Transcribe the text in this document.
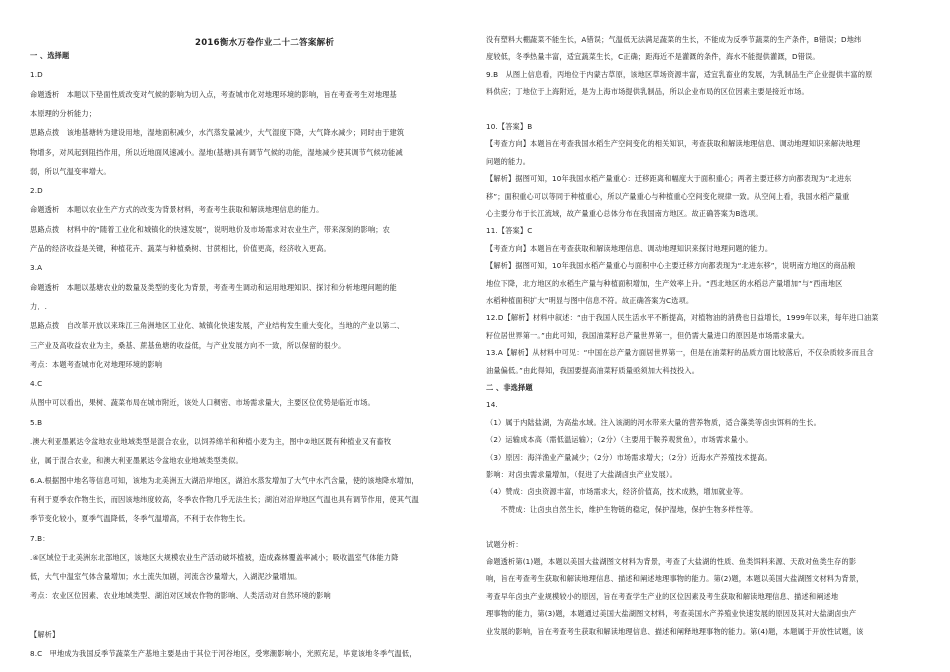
2016衡水万卷作业二十二答案解析
一 、选择题
1.D
命题透析　本题以下垫面性质改变对气候的影响为切入点，考查城市化对地理环境的影响，旨在考查考生对地理基
本原理的分析能力；
思路点拨　该地基塘转为建设用地，湿地面积减少，水汽蒸发量减少，大气湿度下降，大气降水减少；同时由于建筑
物增多，对风起到阻挡作用，所以近地面风速减小。湿地(基塘)具有调节气候的功能，湿地减少使其调节气候功能减
弱，所以气温变率增大。
2.D
命题透析　本题以农业生产方式的改变为背景材料，考查考生获取和解读地理信息的能力。
思路点拨　材料中的“随着工业化和城镇化的快速发展”，说明地价及市场需求对农业生产，带来深刻的影响；农
产品的经济收益是关键，种植花卉、蔬菜与种植桑树、甘蔗相比，价值更高，经济收入更高。
3.A
命题透析　本题以基塘农业的数量及类型的变化为背景，考查考生调动和运用地理知识、探讨和分析地理问题的能
力．.
思路点拨　自改革开放以来珠江三角洲地区工业化、城镇化快速发展，产业结构发生重大变化，当地的产业以第二、
三产业及高收益农业为主，桑基、蔗基鱼塘的收益低，与产业发展方向不一致，所以保留的很少。
考点：本题考查城市化对地理环境的影响
4.C
从图中可以看出，果树、蔬菜布局在城市附近，该处人口稠密、市场需求量大，主要区位优势是临近市场。
5.B
.澳大利亚墨累达令盆地农业地域类型是混合农业，以饲养绵羊和种植小麦为主，图中②地区既有种植业又有畜牧
业，属于混合农业，和澳大利亚墨累达令盆地农业地域类型类似。
6.A.根据图中地名等信息可知，该地为北美洲五大湖沿岸地区，湖泊水蒸发增加了大气中水汽含量，使的该地降水增加，
有利于夏季农作物生长，而因该地纬度较高，冬季农作物几乎无法生长；湖泊对沿岸地区气温也具有调节作用，使其气温
季节变化较小，夏季气温降低，冬季气温增高，不利于农作物生长。
7.B：
.④区域位于北美洲东北部地区，该地区大规模农业生产活动破坏植被，造成森林覆盖率减小；吸收温室气体能力降
低，大气中温室气体含量增加；水土流失加剧，河流含沙量增大，入湖泥沙量增加。
考点：农业区位因素、农业地域类型、湖泊对区域农作物的影响、人类活动对自然环境的影响
【解析】
8.C　甲地成为我国反季节蔬菜生产基地主要是由于其位于河谷地区，受寒潮影响小，光照充足，毕竟该地冬季气温低，
没有塑料大棚蔬菜不能生长，A错误；气温低无法满足蔬菜的生长，不能成为反季节蔬菜的生产条件，B错误；D地纬
度较低，冬季热量丰富，适宜蔬菜生长，C正确；距海近不是灌溉的条件，海水不能提供灌溉，D错误。
9.B　从图上信息看，丙地位于内蒙古草原，该地区草场资源丰富，适宜乳畜业的发展，为乳制品生产企业提供丰富的原
料供应；丁地位于上海附近，是为上海市场提供乳制品，所以企业布局的区位因素主要是接近市场。
10.【答案】B
【考查方向】本题旨在考查我国水稻生产空间变化的相关知识，考查获取和解读地理信息、调动地理知识来解决地理
问题的能力。
【解析】据图可知，10年我国水稻产量重心：迁移距离和幅度大于面积重心；两者主要迁移方向都表现为“北进东
移”；面积重心可以等同于种植重心，所以产量重心与种植重心空间变化规律一致。从空间上看，我国水稻产量重
心主要分布于长江流域，故产量重心总体分布在我国南方地区。故正确答案为B选项。
11.【答案】C
【考查方向】本题旨在考查获取和解读地理信息、调动地理知识来探讨地理问题的能力。
【解析】据图可知，10年我国水稻产量重心与面积中心主要迁移方向都表现为“北进东移”，说明南方地区的商品粮
地位下降，北方地区的水稻生产量与种植面积增加，生产效率上升。“西北地区的水稻总产量增加”与“西南地区
水稻种植面积扩大”明显与图中信息不符。故正确答案为C选项。
12.D【解析】材料中叙述：“由于我国人民生活水平不断提高，对植物油的消费也日益增长，1999年以来，每年进口油菜
籽位居世界第一。”由此可知，我国油菜籽总产量世界第一，但仍需大量进口的原因是市场需求量大。
13.A【解析】从材料中可见：“中国在总产量方面居世界第一，但是在油菜籽的品质方面比较落后，不仅杂质较多而且含
油量偏低。”由此得知，我国要提高油菜籽质量亟须加大科技投入。
二 、非选择题
14.
（1）属于内陆盐湖，为高盐水域。注入该湖的河水带来大量的营养物质，适合藻类等卤虫饵料的生长。
（2）运输成本高（需低温运输）；（2分）（主要用于鞍养观赏鱼），市场需求量小。
（3）原因：海洋渔业产量减少；（2分）市场需求增大；（2分）近海水产养殖技术提高。
影响：对卤虫需求量增加，（促进了大盐湖卤虫产业发展）。
（4）赞成：卤虫资源丰富，市场需求大，经济价值高，技术成熟，增加就业等。
　　不赞成：让卤虫自然生长，维护生物链的稳定，保护湿地，保护生物多样性等。
试题分析：
命题透析第(1)题，本题以美国大盐湖图文材料为背景，考查了大盐湖的性质、鱼类饵料来源、天敌对鱼类生存的影
响，旨在考查考生获取和解读地理信息、描述和阐述地理事物的能力。第(2)题，本题以美国大盐湖图文材料为背景，
考查早年卤虫产业规模较小的原因，旨在考查学生产业的区位因素及考生获取和解读地理信息、描述和阐述地
理事物的能力，第(3)题，本题通过美国大盐湖图文材料，考查美国水产养殖业快速发展的原因及其对大盐湖卤虫产
业发展的影响，旨在考查考生获取和解读地理信息、描述和阐释地理事物的能力。第(4)题，本题属于开放性试题，该
